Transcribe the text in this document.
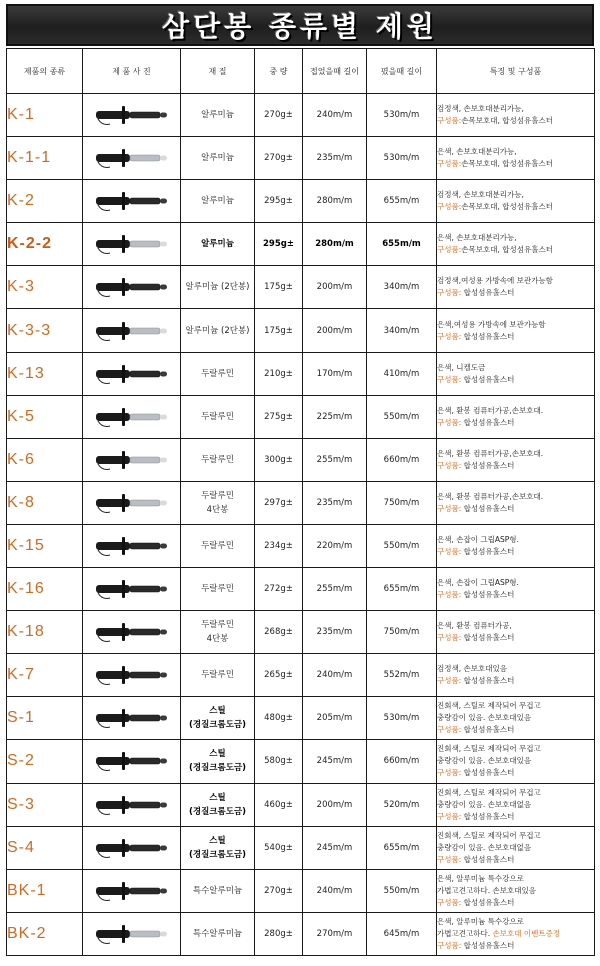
삼단봉 종류별 제원
제품의 종류	제 품 사 진	재 질	중 량	접었을때 길이	폈을때 길이	특징 및 구성품
K-1		알루미늄	270g±	240m/m	530m/m	검정색, 손보호대분리가능,
구성품:손목보호대, 합성섬유홀스터

K-1-1		알루미늄	270g±	235m/m	530m/m	은색, 손보호대분리가능,
구성품:손목보호대, 합성섬유홀스터

K-2		알루미늄	295g±	280m/m	655m/m	검정색, 손보호대분리가능,
구성품:손목보호대, 합성섬유홀스터

K-2-2		알루미늄	295g±	280m/m	655m/m	은색, 손보호대분리가능,
구성품:손목보호대, 합성섬유홀스터

K-3		알루미늄 (2단봉)	175g±	200m/m	340m/m	검정색,여성용 가방속에 보관가능함
구성품: 합성섬유홀스터

K-3-3		알루미늄 (2단봉)	175g±	200m/m	340m/m	은색,여성용 가방속에 보관가능함
구성품: 합성섬유홀스터

K-13		두랄루민	210g±	170m/m	410m/m	은색, 니켈도금
구성품: 합성섬유홀스터

K-5		두랄루민	275g±	225m/m	550m/m	은색, 환봉 컴퓨터가공,손보호대.
구성품: 합성섬유홀스터

K-6		두랄루민	300g±	255m/m	660m/m	은색, 환봉 컴퓨터가공,손보호대.
구성품: 합성섬유홀스터

K-8		두랄루민
4단봉	297g±	235m/m	750m/m	은색, 환봉 컴퓨터가공,손보호대.
구성품: 합성섬유홀스터

K-15		두랄루민	234g±	220m/m	550m/m	은색, 손잡이 그립ASP형.
구성품: 합성섬유홀스터

K-16		두랄루민	272g±	255m/m	655m/m	은색, 손잡이 그립ASP형.
구성품: 합성섬유홀스터

K-18		두랄루민
4단봉	268g±	235m/m	750m/m	은색, 환봉 컴퓨터가공,
구성품: 합성섬유홀스터

K-7		두랄루민	265g±	240m/m	552m/m	검정색, 손보호대있음
구성품: 합성섬유홀스터

S-1		스틸
(경질크롬도금)	480g±	205m/m	530m/m	진회색, 스틸로 제작되어 무겁고
충량감이 있음. 손보호대있음
구성품: 합성섬유홀스터

S-2		스틸
(경질크롬도금)	580g±	245m/m	660m/m	진회색, 스틸로 제작되어 무겁고
충량감이 있음. 손보호대있음
구성품: 합성섬유홀스터

S-3		스틸
(경질크롬도금)	460g±	200m/m	520m/m	진회색, 스틸로 제작되어 무겁고
충량감이 있음. 손보호대없음
구성품: 합성섬유홀스터

S-4		스틸
(경질크롬도금)	540g±	245m/m	655m/m	진회색, 스틸로 제작되어 무겁고
충량감이 있음. 손보호대없음
구성품: 합성섬유홀스터

BK-1		특수알루미늄	270g±	240m/m	550m/m	은색, 알루미늄 특수강으로
가볍고견고하다. 손보호대있음
구성품: 합성섬유홀스터

BK-2		특수알루미늄	280g±	270m/m	645m/m	은색, 알루미늄 특수강으로
가볍고견고하다. 손보호대 이벤트증정
구성품: 합성섬유홀스터
